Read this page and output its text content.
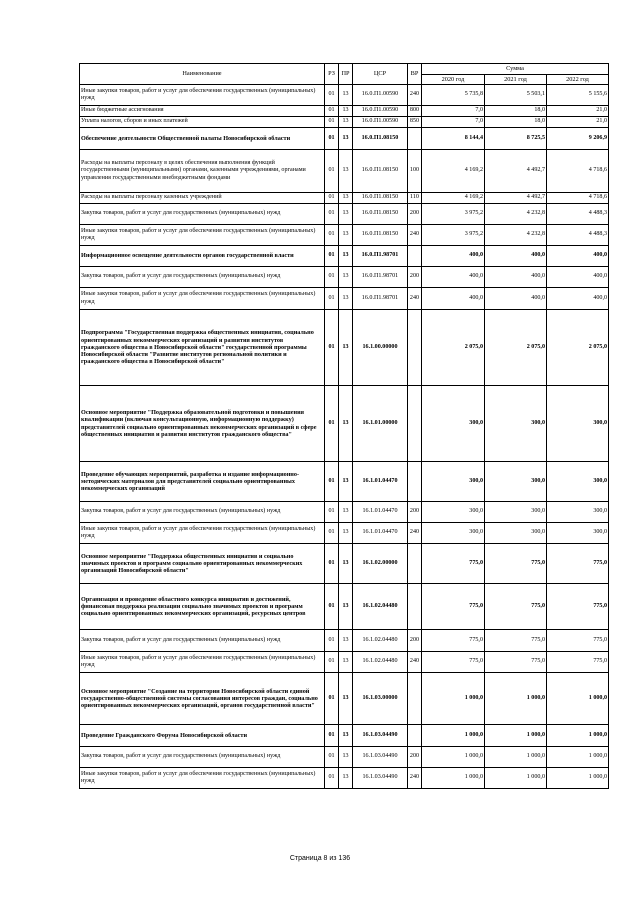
Наименование	РЗ	ПР	ЦСР	ВР	Сумма		
					2020 год	2021 год	2022 год
Иные закупки товаров, работ и услуг для обеспечения государственных (муниципальных) нужд	01	13	16.0.П1.00590	240	5 735,8	5 503,1	5 155,6
Иные бюджетные ассигнования	01	13	16.0.П1.00590	800	7,0	18,0	21,0
Уплата налогов, сборов и иных платежей	01	13	16.0.П1.00590	850	7,0	18,0	21,0
Обеспечение деятельности Общественной палаты Новосибирской области	01	13	16.0.П1.08150		8 144,4	8 725,5	9 206,9
Расходы на выплаты персоналу в целях обеспечения выполнения функций государственными (муниципальными) органами, казенными учреждениями, органами управления государственными внебюджетными фондами	01	13	16.0.П1.08150	100	4 169,2	4 492,7	4 718,6
Расходы на выплаты персоналу казенных учреждений	01	13	16.0.П1.08150	110	4 169,2	4 492,7	4 718,6
Закупка товаров, работ и услуг для государственных (муниципальных) нужд	01	13	16.0.П1.08150	200	3 975,2	4 232,8	4 488,3
Иные закупки товаров, работ и услуг для обеспечения государственных (муниципальных) нужд	01	13	16.0.П1.08150	240	3 975,2	4 232,8	4 488,3
Информационное освещение деятельности органов государственной власти	01	13	16.0.П1.98701		400,0	400,0	400,0
Закупка товаров, работ и услуг для государственных (муниципальных) нужд	01	13	16.0.П1.98701	200	400,0	400,0	400,0
Иные закупки товаров, работ и услуг для обеспечения государственных (муниципальных) нужд	01	13	16.0.П1.98701	240	400,0	400,0	400,0
Подпрограмма "Государственная поддержка общественных инициатив, социально ориентированных некоммерческих организаций и развития институтов гражданского общества в Новосибирской области" государственной программы Новосибирской области "Развитие институтов региональной политики и гражданского общества в Новосибирской области"	01	13	16.1.00.00000		2 075,0	2 075,0	2 075,0
Основное мероприятие "Поддержка образовательной подготовки и повышения квалификации (включая консультационную, информационную поддержку) представителей социально ориентированных некоммерческих организаций в сфере общественных инициатив и развития институтов гражданского общества"	01	13	16.1.01.00000		300,0	300,0	300,0
Проведение обучающих мероприятий, разработка и издание информационно-методических материалов для представителей социально ориентированных некоммерческих организаций	01	13	16.1.01.04470		300,0	300,0	300,0
Закупка товаров, работ и услуг для государственных (муниципальных) нужд	01	13	16.1.01.04470	200	300,0	300,0	300,0
Иные закупки товаров, работ и услуг для обеспечения государственных (муниципальных) нужд	01	13	16.1.01.04470	240	300,0	300,0	300,0
Основное мероприятие "Поддержка общественных инициатив и социально значимых проектов и программ социально ориентированных некоммерческих организаций Новосибирской области"	01	13	16.1.02.00000		775,0	775,0	775,0
Организация и проведение областного конкурса инициатив и достижений, финансовая поддержка реализации социально значимых проектов и программ социально ориентированных некоммерческих организаций, ресурсных центров	01	13	16.1.02.04480		775,0	775,0	775,0
Закупка товаров, работ и услуг для государственных (муниципальных) нужд	01	13	16.1.02.04480	200	775,0	775,0	775,0
Иные закупки товаров, работ и услуг для обеспечения государственных (муниципальных) нужд	01	13	16.1.02.04480	240	775,0	775,0	775,0
Основное мероприятие "Создание на территории Новосибирской области единой государственно-общественной системы согласования интересов граждан, социально ориентированных некоммерческих организаций, органов государственной власти"	01	13	16.1.03.00000		1 000,0	1 000,0	1 000,0
Проведение Гражданского Форума Новосибирской области	01	13	16.1.03.04490		1 000,0	1 000,0	1 000,0
Закупка товаров, работ и услуг для государственных (муниципальных) нужд	01	13	16.1.03.04490	200	1 000,0	1 000,0	1 000,0
Иные закупки товаров, работ и услуг для обеспечения государственных (муниципальных) нужд	01	13	16.1.03.04490	240	1 000,0	1 000,0	1 000,0
Страница 8 из 136
